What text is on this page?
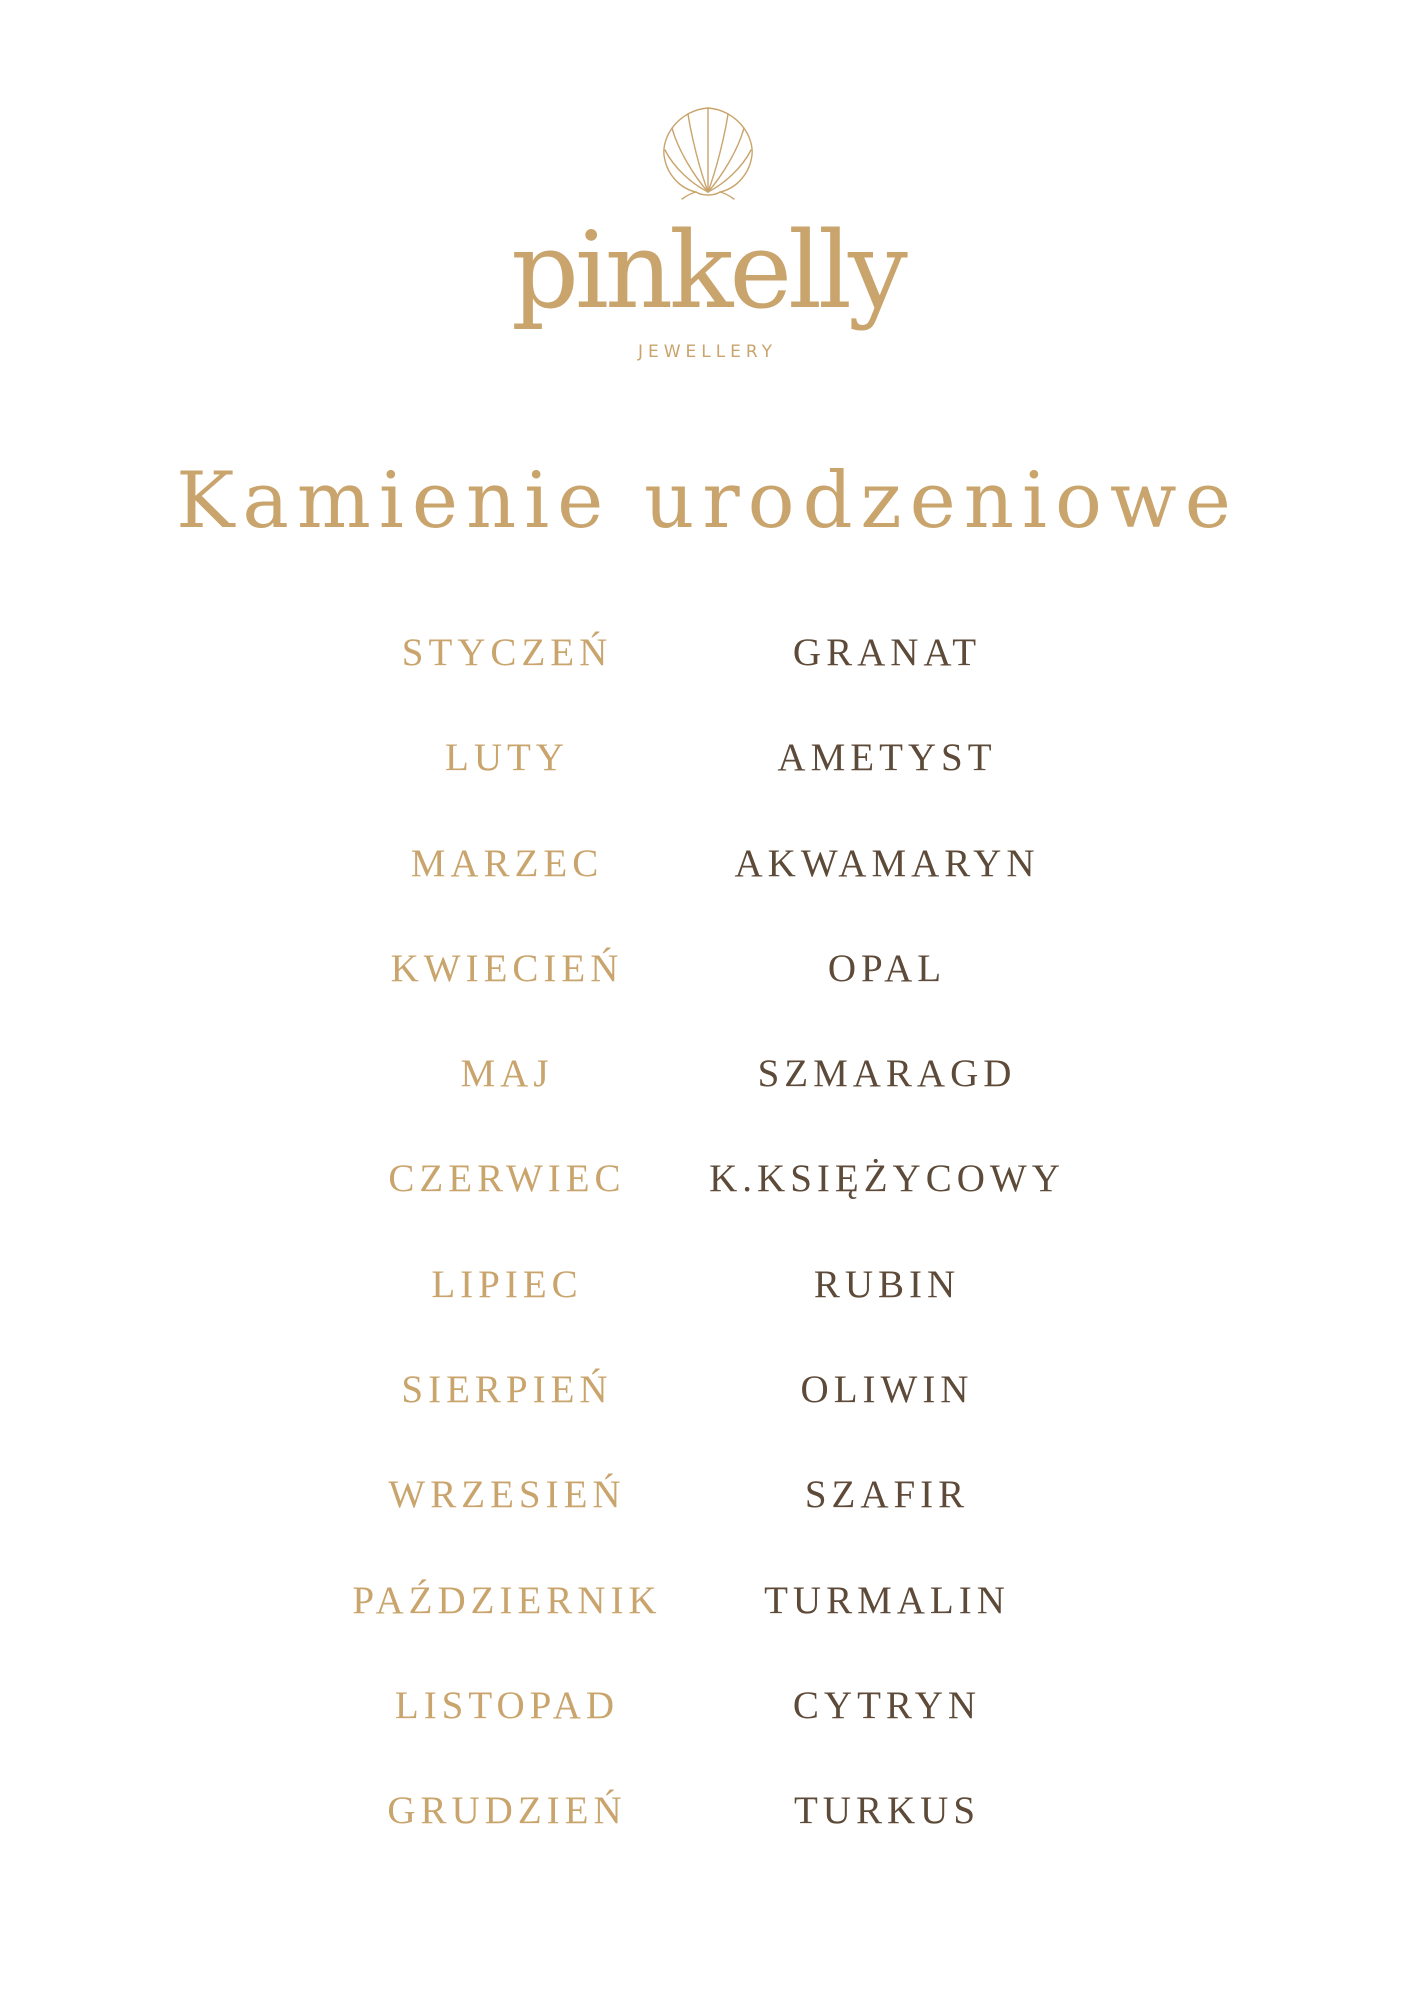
pinkelly
JEWELLERY
Kamienie urodzeniowe
STYCZEŃ	GRANAT
LUTY	AMETYST
MARZEC	AKWAMARYN
KWIECIEŃ	OPAL
MAJ	SZMARAGD
CZERWIEC	K.KSIĘŻYCOWY
LIPIEC	RUBIN
SIERPIEŃ	OLIWIN
WRZESIEŃ	SZAFIR
PAŹDZIERNIK	TURMALIN
LISTOPAD	CYTRYN
GRUDZIEŃ	TURKUS
